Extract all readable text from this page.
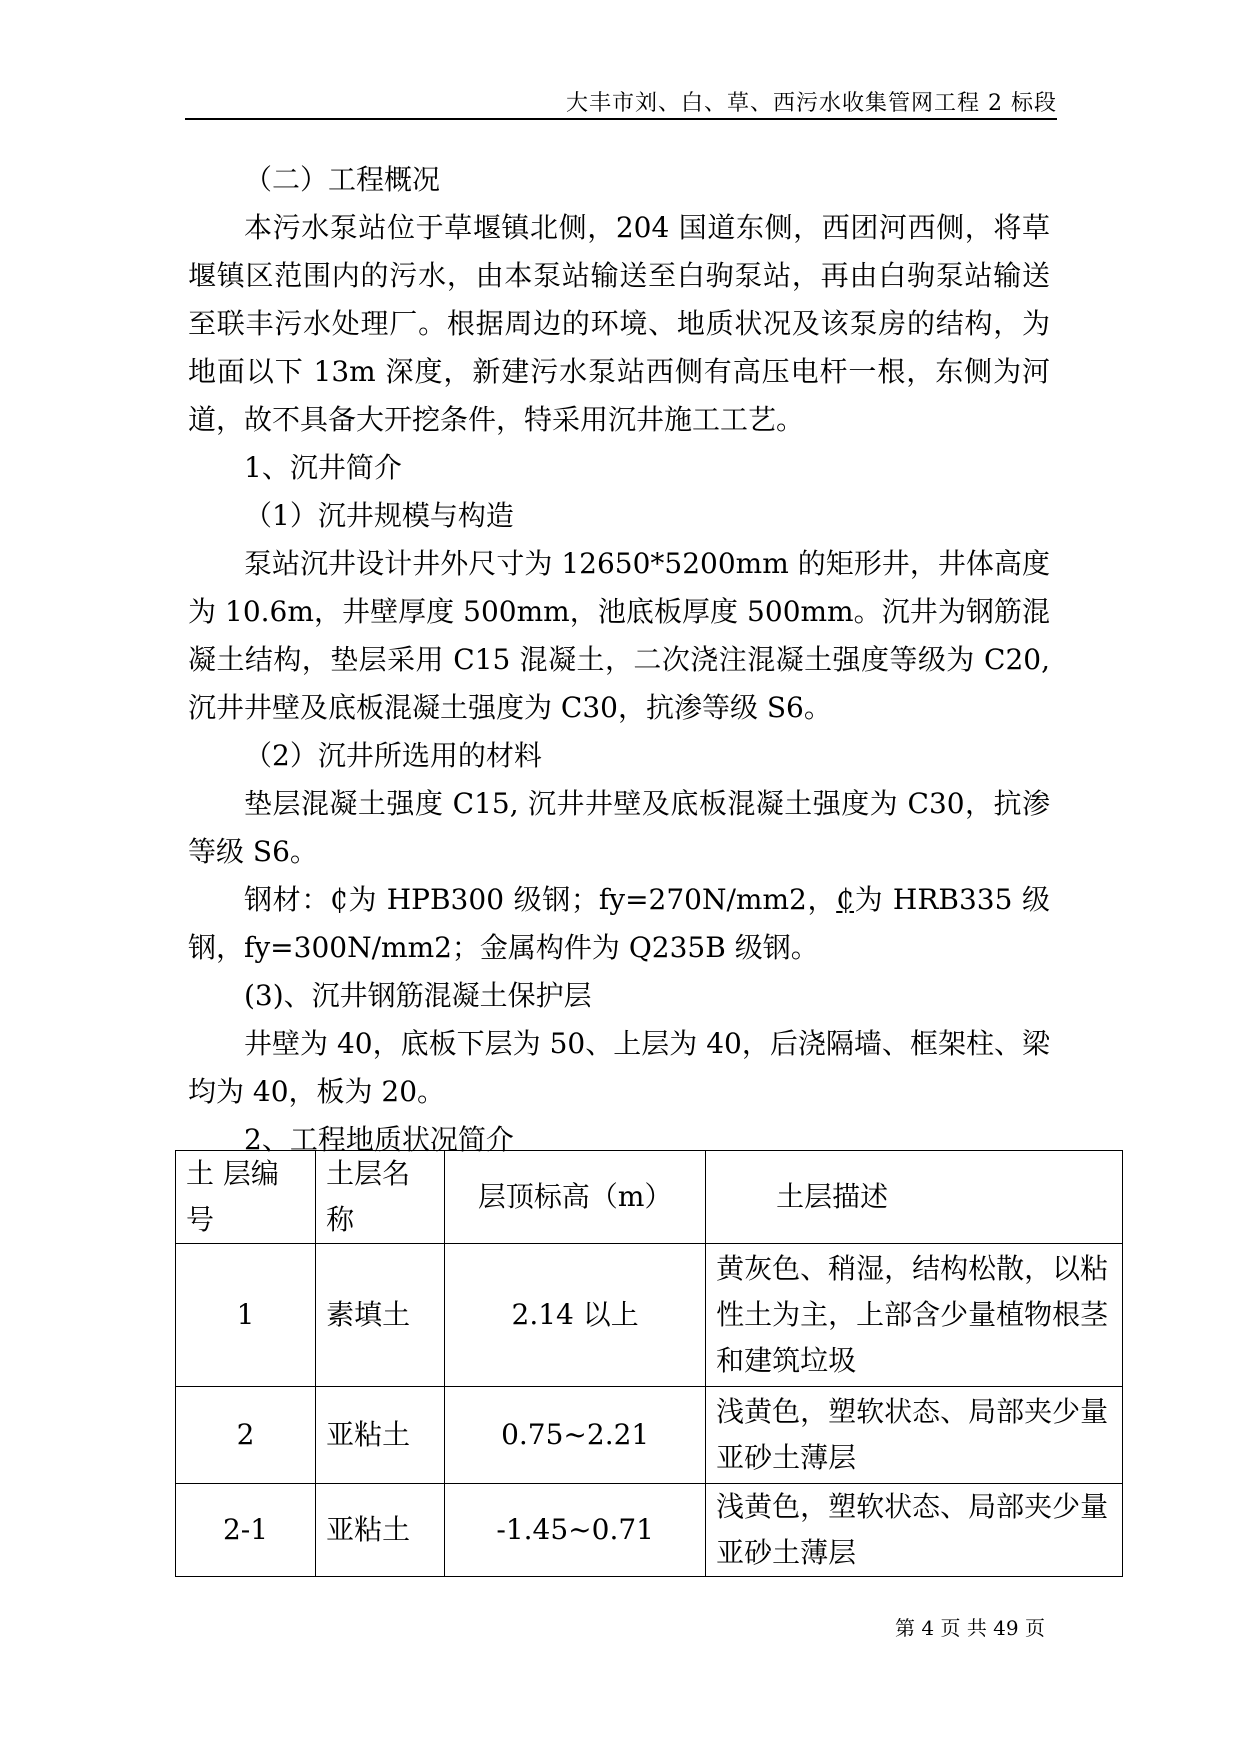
大丰市刘、白、草、西污水收集管网工程 2 标段

（二）工程概况

本污水泵站位于草堰镇北侧，204 国道东侧，西团河西侧，将草堰镇区范围内的污水，由本泵站输送至白驹泵站，再由白驹泵站输送至联丰污水处理厂。根据周边的环境、地质状况及该泵房的结构，为地面以下 13m 深度，新建污水泵站西侧有高压电杆一根，东侧为河道，故不具备大开挖条件，特采用沉井施工工艺。

1、沉井简介

（1）沉井规模与构造

泵站沉井设计井外尺寸为 12650*5200mm 的矩形井，井体高度为 10.6m，井壁厚度 500mm，池底板厚度 500mm。沉井为钢筋混凝土结构，垫层采用 C15 混凝土，二次浇注混凝土强度等级为 C20,沉井井壁及底板混凝土强度为 C30，抗渗等级 S6。

（2）沉井所选用的材料

垫层混凝土强度 C15, 沉井井壁及底板混凝土强度为 C30，抗渗等级 S6。

钢材：₵为 HPB300 级钢；fy=270N/mm2，₵为 HRB335 级钢，fy=300N/mm2；金属构件为 Q235B 级钢。

(3)、沉井钢筋混凝土保护层

井壁为 40，底板下层为 50、上层为 40，后浇隔墙、框架柱、梁均为 40，板为 20。

2、工程地质状况简介

土 层编号	土层名称	层顶标高（m）	土层描述
1	素填土	2.14 以上	黄灰色、稍湿，结构松散，以粘性土为主，上部含少量植物根茎和建筑垃圾
2	亚粘土	0.75~2.21	浅黄色，塑软状态、局部夹少量亚砂土薄层
2-1	亚粘土	-1.45~0.71	浅黄色，塑软状态、局部夹少量亚砂土薄层
第 4 页 共 49 页
